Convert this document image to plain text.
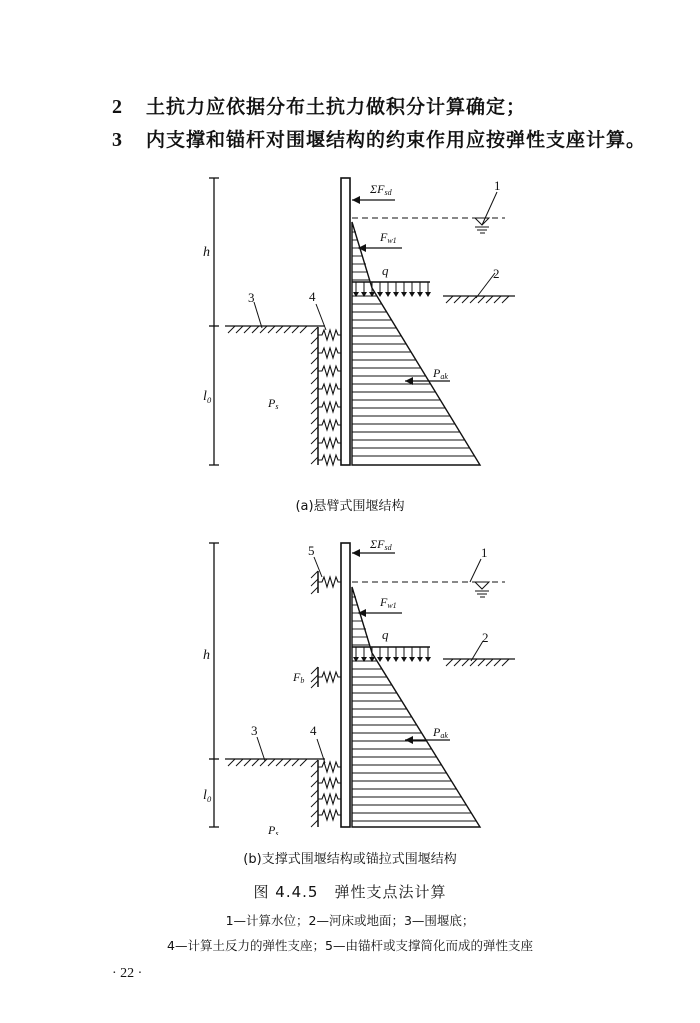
2 土抗力应依据分布土抗力做积分计算确定；
3 内支撑和锚杆对围堰结构的约束作用应按弹性支座计算。
h
l₀
ΣFsd	1
Fw1
q	2
3	4
Ps
Pak
(a)悬臂式围堰结构
h
l₀
ΣFsd	1
5
Fw1
q	2
Fb
3	4
Ps
Pak
(b)支撑式围堰结构或锚拉式围堰结构
图 4.4.5　弹性支点法计算
1—计算水位；2—河床或地面；3—围堰底；
4—计算土反力的弹性支座；5—由锚杆或支撑简化而成的弹性支座
· 22 ·
